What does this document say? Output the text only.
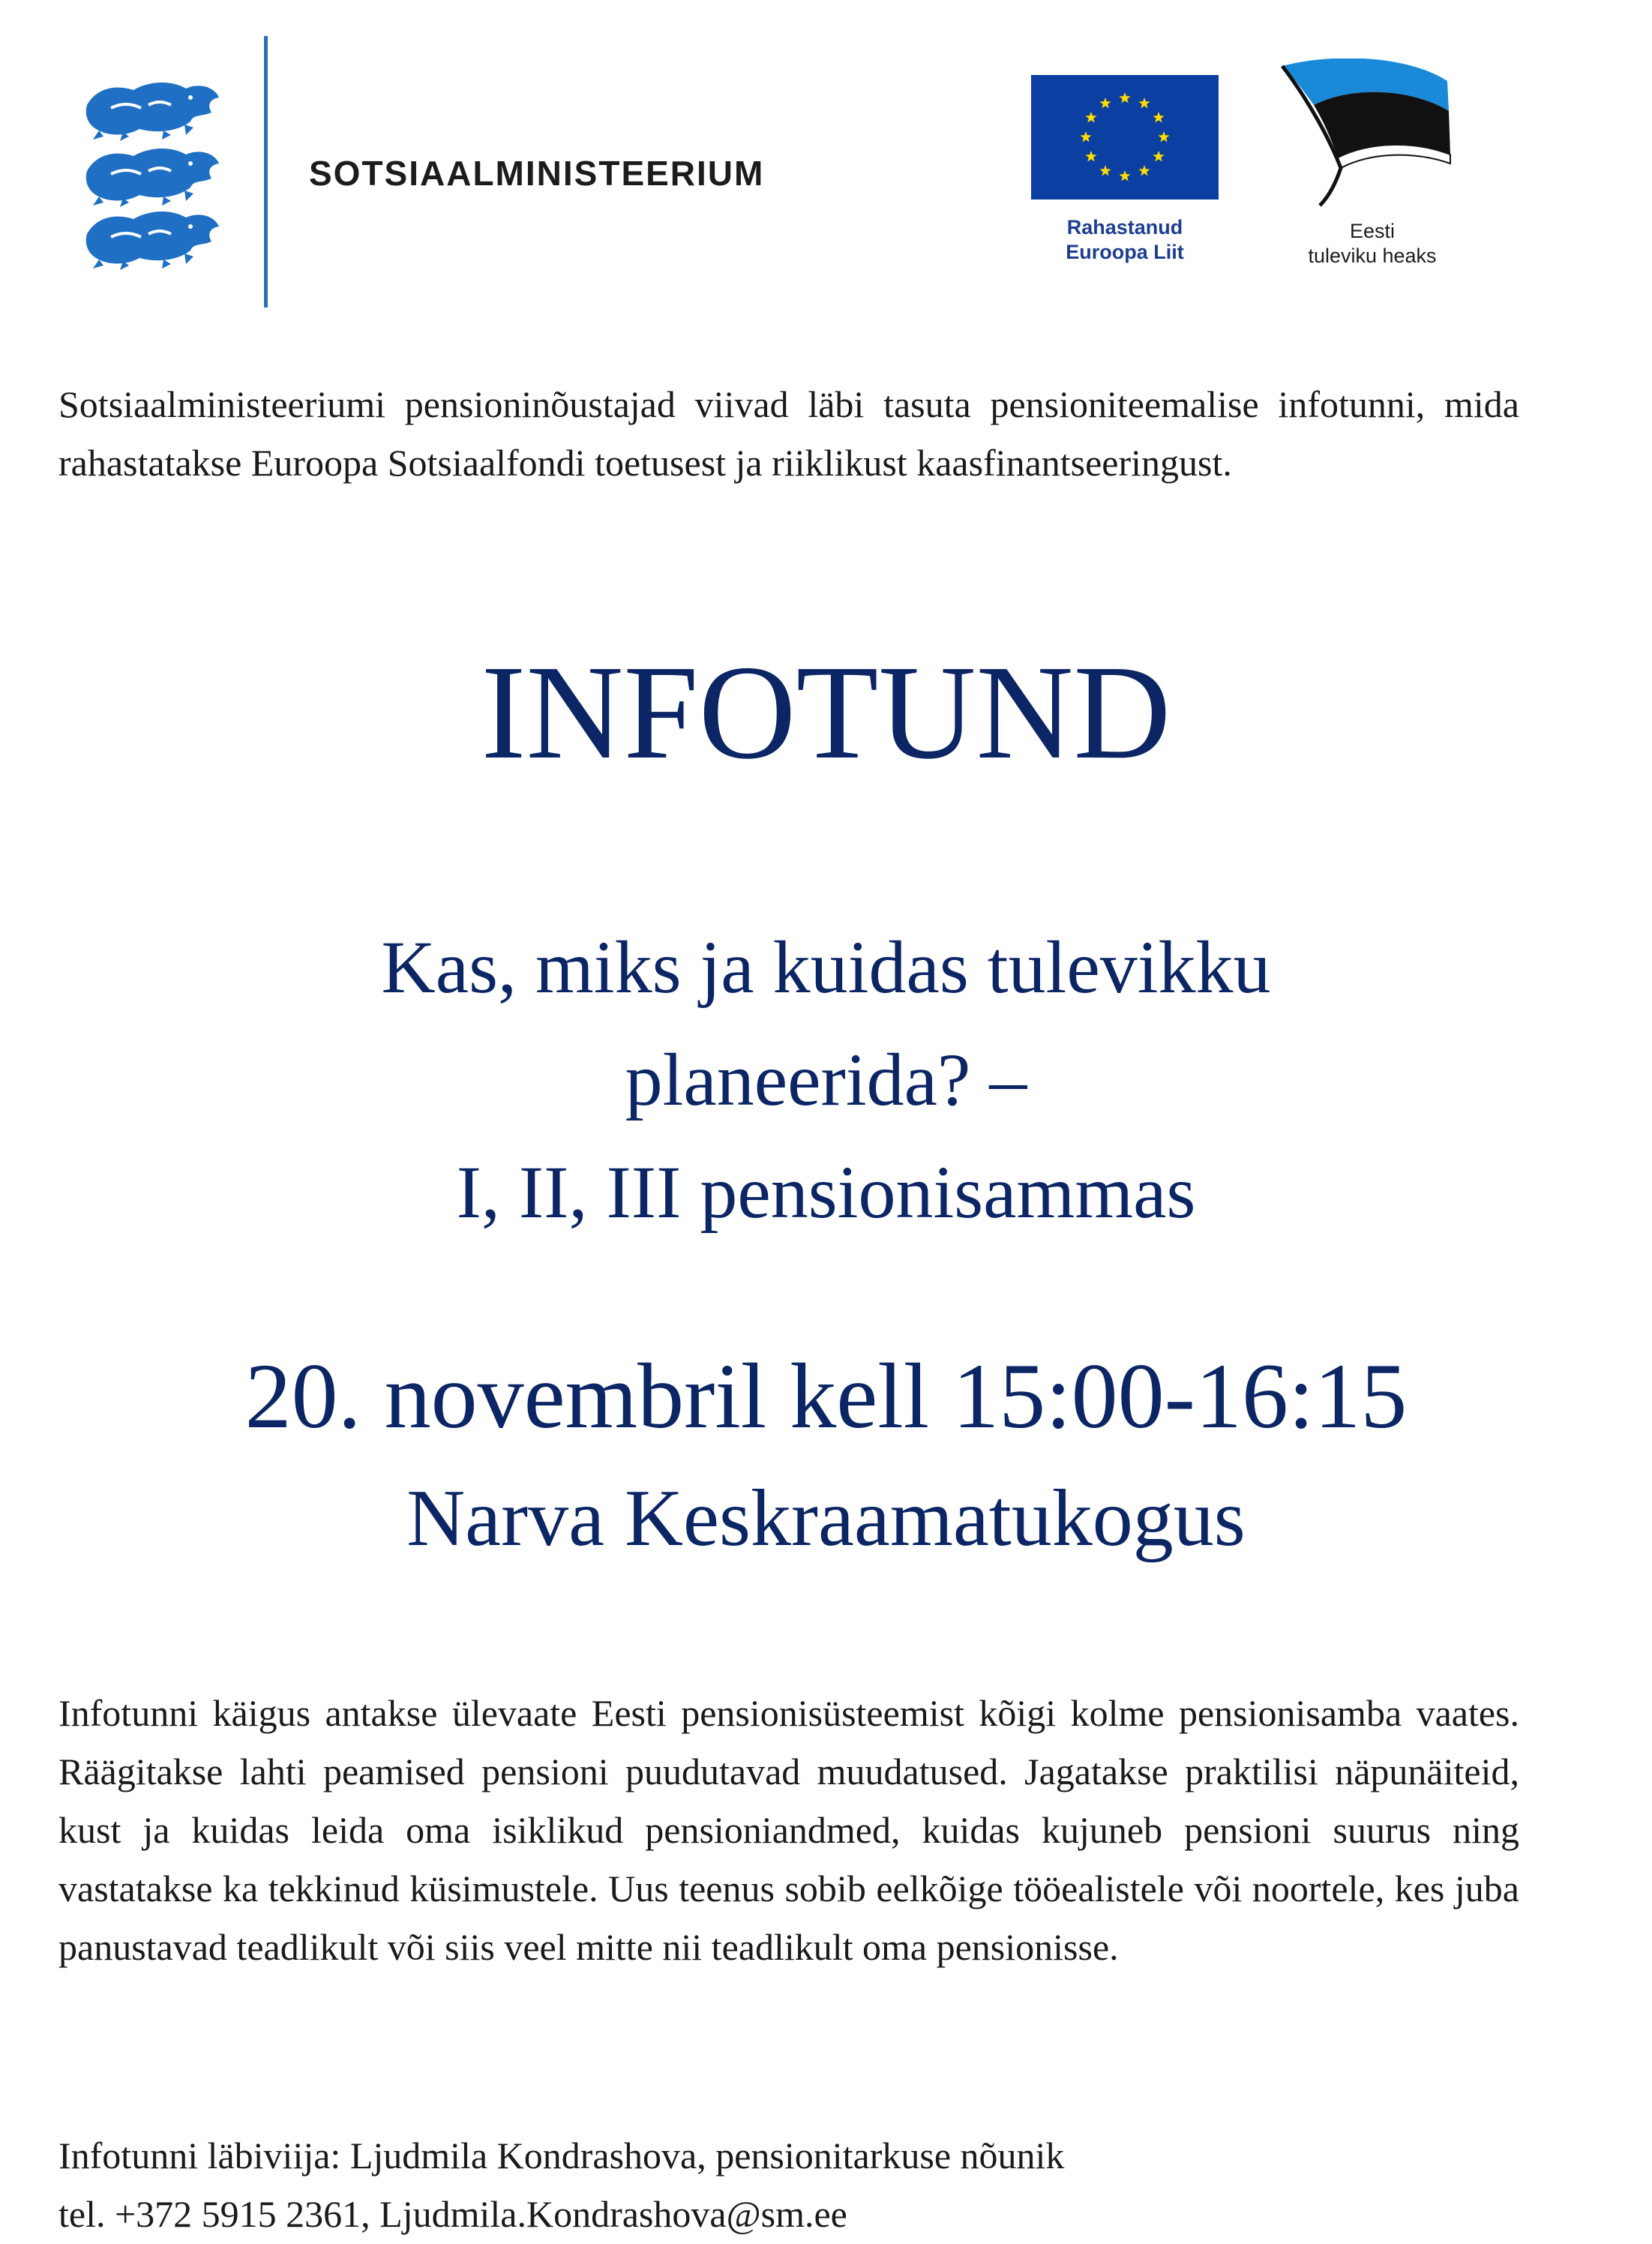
SOTSIAALMINISTEERIUM
Rahastanud
Euroopa Liit
Eesti
tuleviku heaks

Sotsiaalministeeriumi pensioninõustajad viivad läbi tasuta pensioniteemalise infotunni, mida rahastatakse Euroopa Sotsiaalfondi toetusest ja riiklikust kaasfinantseeringust.

INFOTUND
Kas, miks ja kuidas tulevikku
planeerida? –
I, II, III pensionisammas
20. novembril kell 15:00-16:15
Narva Keskraamatukogus

Infotunni käigus antakse ülevaate Eesti pensionisüsteemist kõigi kolme pensionisamba vaates. Räägitakse lahti peamised pensioni puudutavad muudatused. Jagatakse praktilisi näpunäiteid, kust ja kuidas leida oma isiklikud pensioniandmed, kuidas kujuneb pensioni suurus ning vastatakse ka tekkinud küsimustele. Uus teenus sobib eelkõige tööealistele või noortele, kes juba panustavad teadlikult või siis veel mitte nii teadlikult oma pensionisse.

Infotunni läbiviija: Ljudmila Kondrashova, pensionitarkuse nõunik
tel. +372 5915 2361, Ljudmila.Kondrashova@sm.ee
